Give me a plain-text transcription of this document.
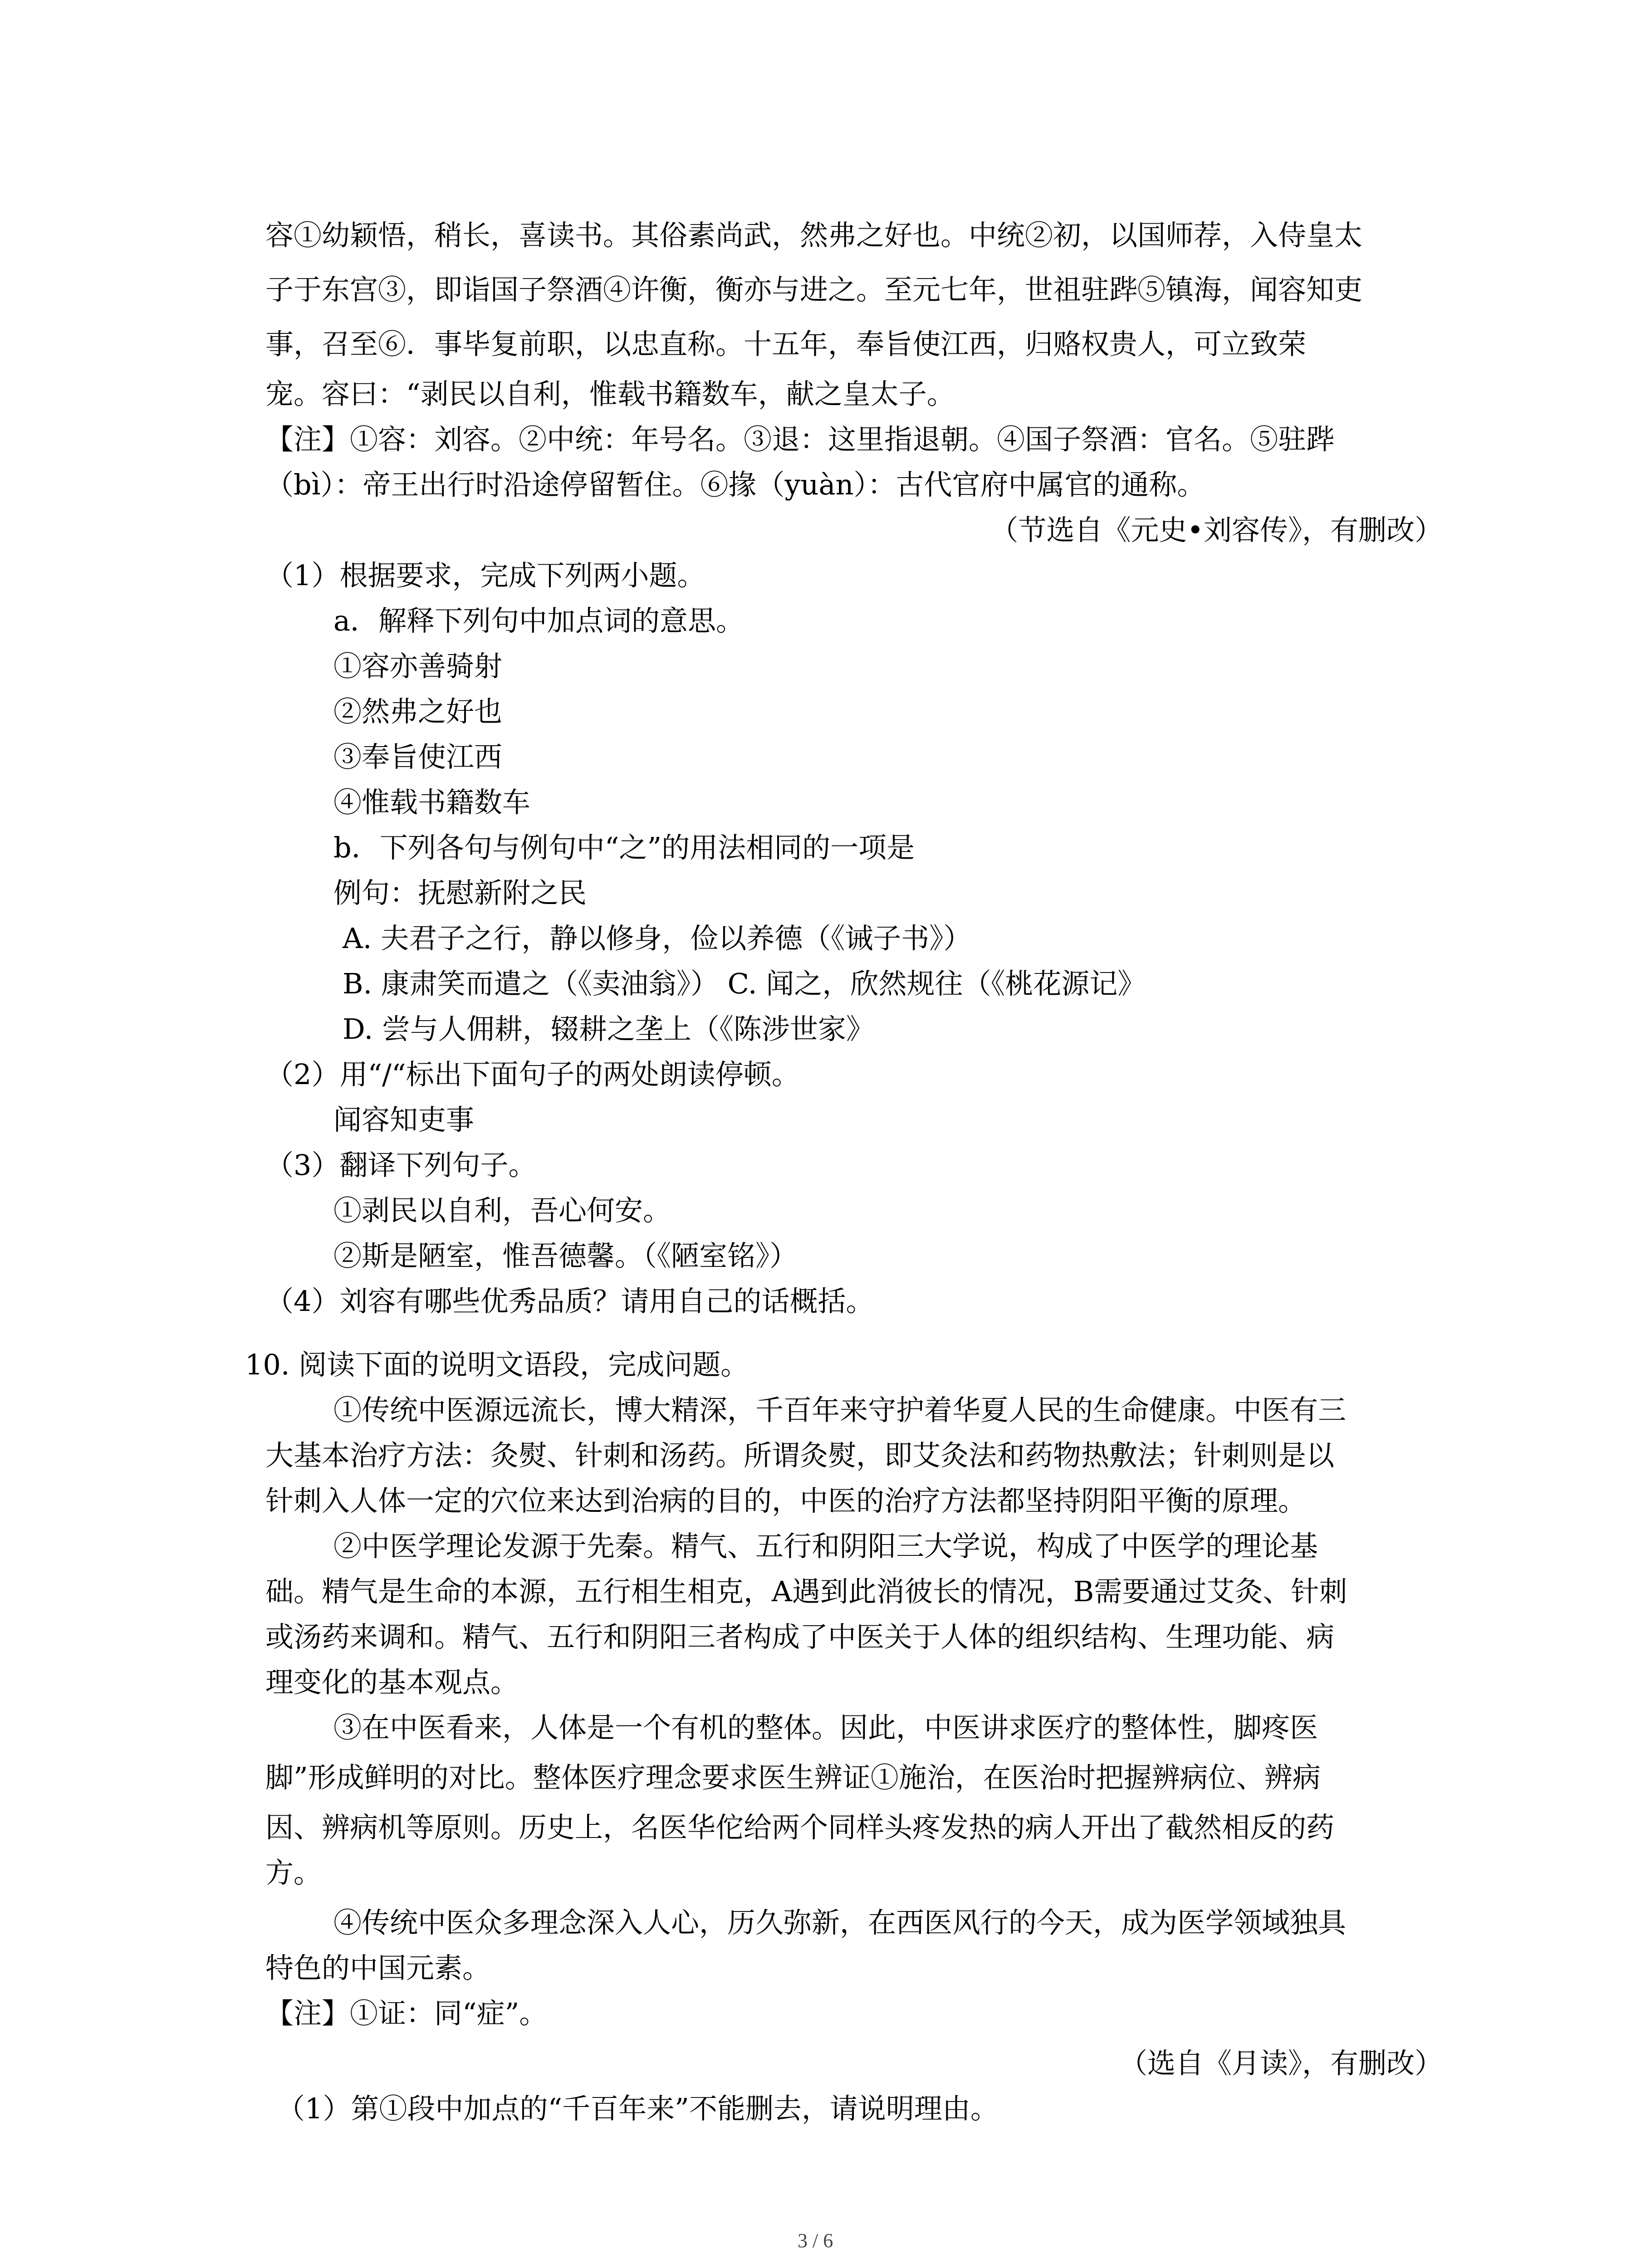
容①幼颖悟，稍长，喜读书。其俗素尚武，然弗之好也。中统②初，以国师荐，入侍皇太

子于东宫③，即诣国子祭酒④许衡，衡亦与进之。至元七年，世祖驻跸⑤镇海，闻容知吏

事，召至⑥．事毕复前职，以忠直称。十五年，奉旨使江西，归赂权贵人，可立致荣

宠。容曰：“剥民以自利，惟载书籍数车，献之皇太子。

【注】①容：刘容。②中统：年号名。③退：这里指退朝。④国子祭酒：官名。⑤驻跸

（bì）：帝王出行时沿途停留暂住。⑥掾（yuàn）：古代官府中属官的通称。

（节选自《元史•刘容传》，有删改）

（1）根据要求，完成下列两小题。

a．解释下列句中加点词的意思。

①容亦善骑射

②然弗之好也

③奉旨使江西

④惟载书籍数车

b．下列各句与例句中“之”的用法相同的一项是

例句：抚慰新附之民

A. 夫君子之行，静以修身，俭以养德（《诫子书》）

B. 康肃笑而遣之（《卖油翁》） C. 闻之，欣然规往（《桃花源记》

D. 尝与人佣耕，辍耕之垄上（《陈涉世家》

（2）用“/“标出下面句子的两处朗读停顿。

闻容知吏事

（3）翻译下列句子。

①剥民以自利，吾心何安。

②斯是陋室，惟吾德馨。（《陋室铭》）

（4）刘容有哪些优秀品质？请用自己的话概括。

10. 阅读下面的说明文语段，完成问题。

①传统中医源远流长，博大精深，千百年来守护着华夏人民的生命健康。中医有三

大基本治疗方法：灸熨、针刺和汤药。所谓灸熨，即艾灸法和药物热敷法；针刺则是以

针刺入人体一定的穴位来达到治病的目的，中医的治疗方法都坚持阴阳平衡的原理。

②中医学理论发源于先秦。精气、五行和阴阳三大学说，构成了中医学的理论基

础。精气是生命的本源，五行相生相克，A遇到此消彼长的情况，B需要通过艾灸、针刺

或汤药来调和。精气、五行和阴阳三者构成了中医关于人体的组织结构、生理功能、病

理变化的基本观点。

③在中医看来，人体是一个有机的整体。因此，中医讲求医疗的整体性，脚疼医

脚”形成鲜明的对比。整体医疗理念要求医生辨证①施治，在医治时把握辨病位、辨病

因、辨病机等原则。历史上，名医华佗给两个同样头疼发热的病人开出了截然相反的药

方。

④传统中医众多理念深入人心，历久弥新，在西医风行的今天，成为医学领域独具

特色的中国元素。

【注】①证：同“症”。

（选自《月读》，有删改）

（1）第①段中加点的“千百年来”不能删去，请说明理由。

3 / 6
